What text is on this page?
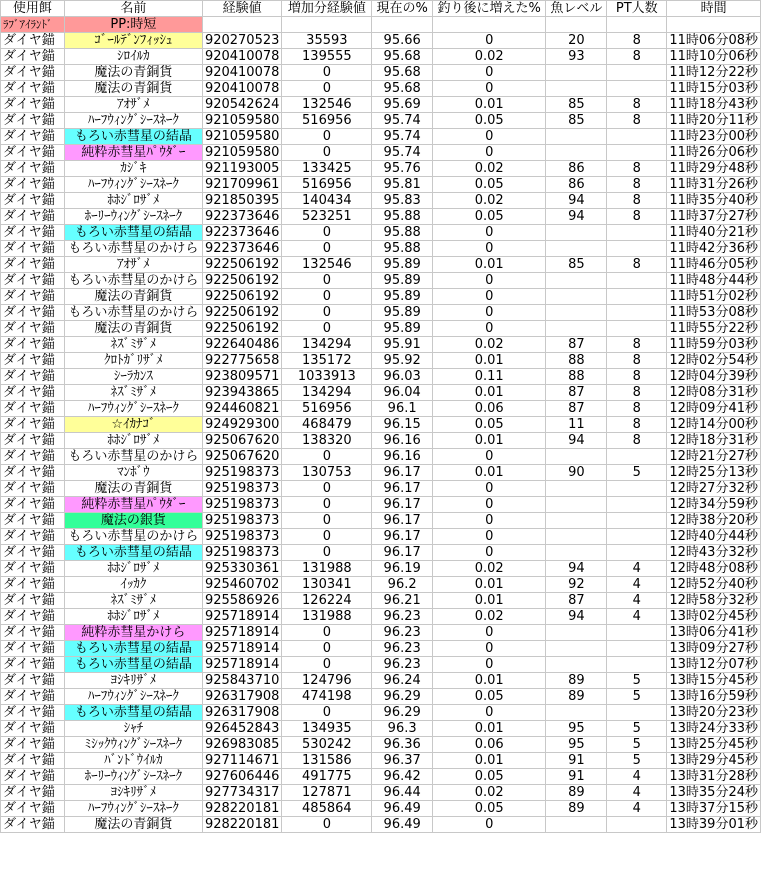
使用餌	名前	経験値	増加分経験値	現在の%	釣り後に増えた%	魚レベル	PT人数	時間
ﾗﾌﾞｱｲﾗﾝﾄﾞ	PP:時短							
ダイヤ錨	ｺﾞｰﾙﾃﾞﾝﾌｨｯｼｭ	920270523	35593	95.66	0	20	8	11時06分08秒
ダイヤ錨	ｼﾛｲﾙｶ	920410078	139555	95.68	0.02	93	8	11時10分06秒
ダイヤ錨	魔法の青銅貨	920410078	0	95.68	0			11時12分22秒
ダイヤ錨	魔法の青銅貨	920410078	0	95.68	0			11時15分03秒
ダイヤ錨	ｱｵｻﾞﾒ	920542624	132546	95.69	0.01	85	8	11時18分43秒
ダイヤ錨	ﾊｰﾌｳｨﾝｸﾞｼｰｽﾈｰｸ	921059580	516956	95.74	0.05	85	8	11時20分11秒
ダイヤ錨	もろい赤彗星の結晶	921059580	0	95.74	0			11時23分00秒
ダイヤ錨	純粋赤彗星ﾊﾟｳﾀﾞｰ	921059580	0	95.74	0			11時26分06秒
ダイヤ錨	ｶｼﾞｷ	921193005	133425	95.76	0.02	86	8	11時29分48秒
ダイヤ錨	ﾊｰﾌｳｨﾝｸﾞｼｰｽﾈｰｸ	921709961	516956	95.81	0.05	86	8	11時31分26秒
ダイヤ錨	ﾎﾎｼﾞﾛｻﾞﾒ	921850395	140434	95.83	0.02	94	8	11時35分40秒
ダイヤ錨	ﾎｰﾘｰｳｨﾝｸﾞｼｰｽﾈｰｸ	922373646	523251	95.88	0.05	94	8	11時37分27秒
ダイヤ錨	もろい赤彗星の結晶	922373646	0	95.88	0			11時40分21秒
ダイヤ錨	もろい赤彗星のかけら	922373646	0	95.88	0			11時42分36秒
ダイヤ錨	ｱｵｻﾞﾒ	922506192	132546	95.89	0.01	85	8	11時46分05秒
ダイヤ錨	もろい赤彗星のかけら	922506192	0	95.89	0			11時48分44秒
ダイヤ錨	魔法の青銅貨	922506192	0	95.89	0			11時51分02秒
ダイヤ錨	もろい赤彗星のかけら	922506192	0	95.89	0			11時53分08秒
ダイヤ錨	魔法の青銅貨	922506192	0	95.89	0			11時55分22秒
ダイヤ錨	ﾈｽﾞﾐｻﾞﾒ	922640486	134294	95.91	0.02	87	8	11時59分03秒
ダイヤ錨	ｸﾛﾄｶﾞﾘｻﾞﾒ	922775658	135172	95.92	0.01	88	8	12時02分54秒
ダイヤ錨	ｼｰﾗｶﾝｽ	923809571	1033913	96.03	0.11	88	8	12時04分39秒
ダイヤ錨	ﾈｽﾞﾐｻﾞﾒ	923943865	134294	96.04	0.01	87	8	12時08分31秒
ダイヤ錨	ﾊｰﾌｳｨﾝｸﾞｼｰｽﾈｰｸ	924460821	516956	96.1	0.06	87	8	12時09分41秒
ダイヤ錨	☆ｲｶﾅｺﾞ	924929300	468479	96.15	0.05	11	8	12時14分00秒
ダイヤ錨	ﾎﾎｼﾞﾛｻﾞﾒ	925067620	138320	96.16	0.01	94	8	12時18分31秒
ダイヤ錨	もろい赤彗星のかけら	925067620	0	96.16	0			12時21分27秒
ダイヤ錨	ﾏﾝﾎﾞｳ	925198373	130753	96.17	0.01	90	5	12時25分13秒
ダイヤ錨	魔法の青銅貨	925198373	0	96.17	0			12時27分32秒
ダイヤ錨	純粋赤彗星ﾊﾟｳﾀﾞｰ	925198373	0	96.17	0			12時34分59秒
ダイヤ錨	魔法の銀貨	925198373	0	96.17	0			12時38分20秒
ダイヤ錨	もろい赤彗星のかけら	925198373	0	96.17	0			12時40分44秒
ダイヤ錨	もろい赤彗星の結晶	925198373	0	96.17	0			12時43分32秒
ダイヤ錨	ﾎﾎｼﾞﾛｻﾞﾒ	925330361	131988	96.19	0.02	94	4	12時48分08秒
ダイヤ錨	ｲｯｶｸ	925460702	130341	96.2	0.01	92	4	12時52分40秒
ダイヤ錨	ﾈｽﾞﾐｻﾞﾒ	925586926	126224	96.21	0.01	87	4	12時58分32秒
ダイヤ錨	ﾎﾎｼﾞﾛｻﾞﾒ	925718914	131988	96.23	0.02	94	4	13時02分45秒
ダイヤ錨	純粋赤彗星かけら	925718914	0	96.23	0			13時06分41秒
ダイヤ錨	もろい赤彗星の結晶	925718914	0	96.23	0			13時09分27秒
ダイヤ錨	もろい赤彗星の結晶	925718914	0	96.23	0			13時12分07秒
ダイヤ錨	ﾖｼｷﾘｻﾞﾒ	925843710	124796	96.24	0.01	89	5	13時15分45秒
ダイヤ錨	ﾊｰﾌｳｨﾝｸﾞｼｰｽﾈｰｸ	926317908	474198	96.29	0.05	89	5	13時16分59秒
ダイヤ錨	もろい赤彗星の結晶	926317908	0	96.29	0			13時20分23秒
ダイヤ錨	ｼｬﾁ	926452843	134935	96.3	0.01	95	5	13時24分33秒
ダイヤ錨	ﾐｼｯｸｳｨﾝｸﾞｼｰｽﾈｰｸ	926983085	530242	96.36	0.06	95	5	13時25分45秒
ダイヤ錨	ﾊﾞﾝﾄﾞｳｲﾙｶ	927114671	131586	96.37	0.01	91	5	13時29分45秒
ダイヤ錨	ﾎｰﾘｰｳｨﾝｸﾞｼｰｽﾈｰｸ	927606446	491775	96.42	0.05	91	4	13時31分28秒
ダイヤ錨	ﾖｼｷﾘｻﾞﾒ	927734317	127871	96.44	0.02	89	4	13時35分24秒
ダイヤ錨	ﾊｰﾌｳｨﾝｸﾞｼｰｽﾈｰｸ	928220181	485864	96.49	0.05	89	4	13時37分15秒
ダイヤ錨	魔法の青銅貨	928220181	0	96.49	0			13時39分01秒
